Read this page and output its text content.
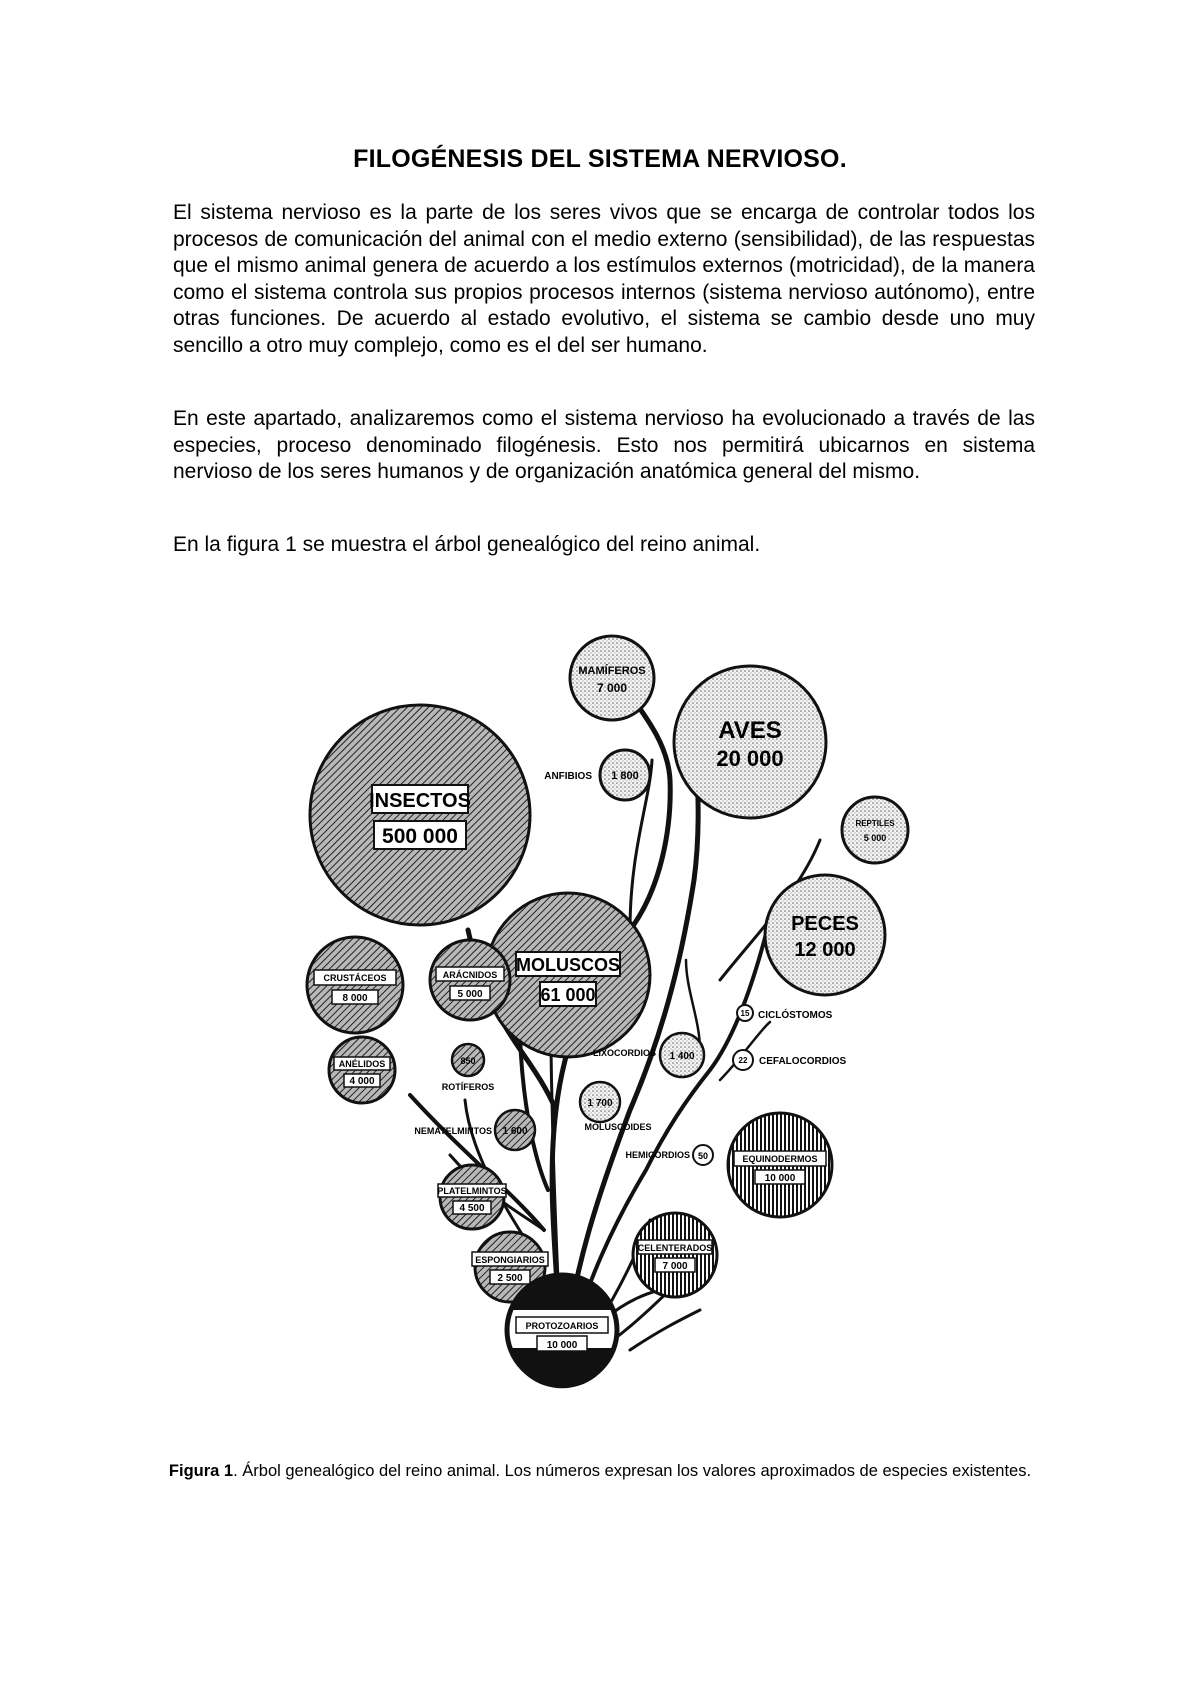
FILOGÉNESIS DEL SISTEMA NERVIOSO.

El sistema nervioso es la parte de los seres vivos que se encarga de controlar todos los procesos de comunicación del animal con el medio externo (sensibilidad), de las respuestas que el mismo animal genera de acuerdo a los estímulos externos (motricidad), de la manera como el sistema controla sus propios procesos internos (sistema nervioso autónomo), entre otras funciones. De acuerdo al estado evolutivo, el sistema se cambio desde uno muy sencillo a otro muy complejo, como es el del ser humano.

En este apartado, analizaremos como el sistema nervioso ha evolucionado a través de las especies, proceso denominado filogénesis. Esto nos permitirá ubicarnos en sistema nervioso de los seres humanos y de organización anatómica general del mismo.

En la figura 1 se muestra el árbol genealógico del reino animal.

MAMÍFEROS
7 000
AVES
20 000
INSECTOS
500 000
ANFIBIOS 1 800
REPTILES
5 000
PECES
12 000
MOLUSCOS
61 000
CRUSTÁCEOS
8 000
ARÁCNIDOS
5 000
15 CICLÓSTOMOS
ANÉLIDOS
4 000
850
ROTÍFEROS
LIXOCORDIOS 1 400	22 CEFALOCORDIOS
1 700
MOLUSCOIDES
NEMATELMINTOS 1 600
HEMICORDIOS 50	EQUINODERMOS
10 000
PLATELMINTOS
4 500
ESPONGIARIOS
2 500
CELENTERADOS
7 000
PROTOZOARIOS
10 000
Figura 1. Árbol genealógico del reino animal. Los números expresan los valores aproximados de especies existentes.
